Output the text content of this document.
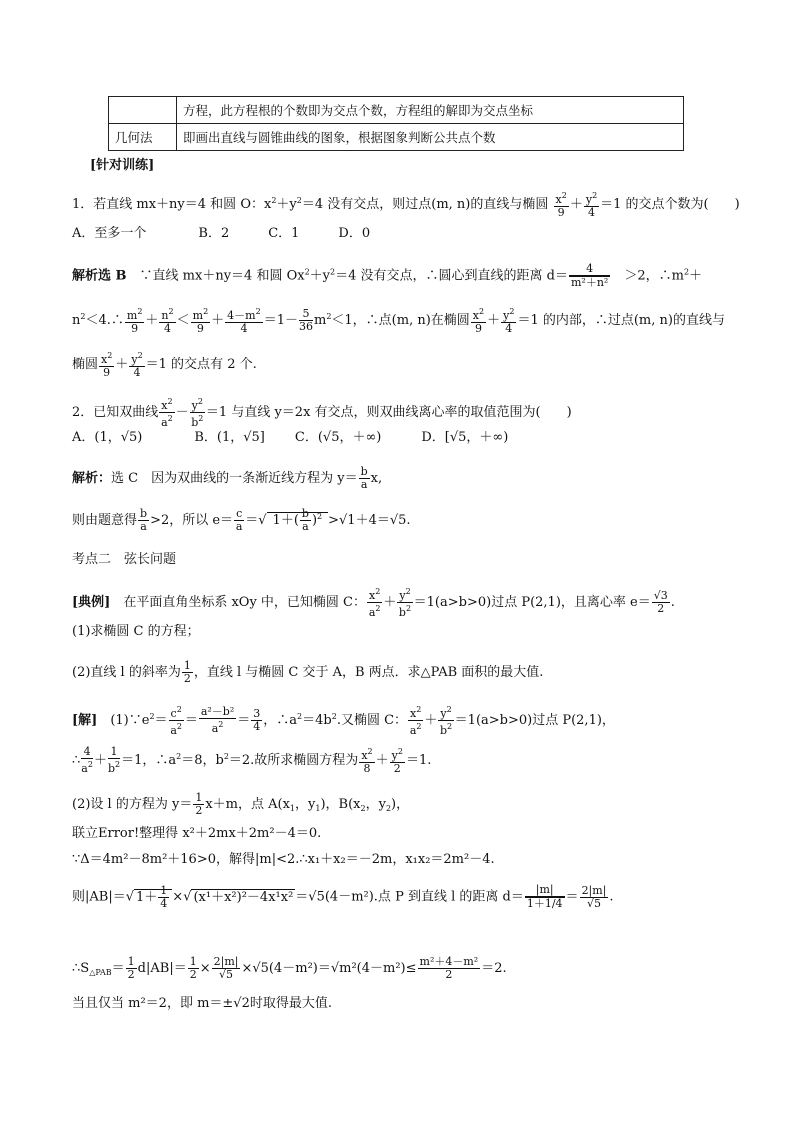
	方程，此方程根的个数即为交点个数，方程组的解即为交点坐标
几何法	即画出直线与圆锥曲线的图象，根据图象判断公共点个数
[针对训练]
1．若直线 mx＋ny＝4 和圆 O：$x^2+y^2=4$ 没有交点，则过点(m, n)的直线与椭圆 $\frac{x^2}{9} + \frac{y^2}{4} =1$ 的交点个数为(　　)
A．至多一个　　　　B．2　　　C．1　　　D．0
解析选 B　 ∵直线 mx＋ny＝4 和圆 $Ox^2+y^2=4$ 没有交点，∴圆心到直线的距离 $d= \frac{4}{\text{m²＋n²}}$
　 ＞2，$\therefore m^2+$
$n^2<4.\therefore \frac{m^2}{9} + \frac{n^2}{4} < \frac{m^2}{9} + \frac{4-m^2}{4} =1- \frac{5}{36} m^2<1$，∴点(m, n)在椭圆 $\frac{x^2}{9} + \frac{y^2}{4} =1$ 的内部，∴过点(m, n)的直线与
椭圆 $\frac{x^2}{9} + \frac{y^2}{4} =1$ 的交点有 2 个.
2．已知双曲线 $\frac{x^2}{a^2} - \frac{y^2}{b^2} =1$ 与直线 y＝2x 有交点，则双曲线离心率的取值范围为(　　)
A．(1，√5)	B．(1，√5] C．(√5，＋∞)	D．[√5，＋∞)
解析：选 C　因为双曲线的一条渐近线方程为 $y= \frac{b}{a} x$,
则由题意得 $\frac{b}{a} >2$，所以 $e= \frac{c}{a}$ ＝√ $1+( \frac{b}{a} )^2 >√1+4=√5$.
考点二　弦长问题
[典例]　 在平面直角坐标系 xOy 中，已知椭圆 C： $\frac{x^2}{a^2} + \frac{y^2}{b^2} =1(a>b>0)$过点 P(2,1)，且离心率 $e= \frac{√3}{2}$ .
(1)求椭圆 C 的方程；
(2)直线 l 的斜率为 $\frac{1}{2}$ ，直线 l 与椭圆 C 交于 A，B 两点．求△PAB 面积的最大值.
[解]　 $(1)\because e^2= \frac{c^2}{a^2} = \frac{\text{a²－b²}}{a^2} = \frac{3}{4}$ ，$\therefore a^2=4b^2$.又椭圆 C： $\frac{x^2}{a^2} + \frac{y^2}{b^2} =1(a>b>0)$过点 P(2,1)，
∴ $\frac{4}{a^2} + \frac{1}{b^2} =1$，$\therefore a^2=8$，$b^2=2$.故所求椭圆方程为 $\frac{x^2}{8} + \frac{y^2}{2} =1$.
(2)设 l 的方程为 $y= \frac{1}{2} x+m$，点 $A(x_1$，$y_1$)，$B(x_2$，$y_2$)，
联立Error!整理得 x²＋2mx＋2m²－4＝0.
∵Δ＝4m²－8m²＋16>0，解得|m|<2.∴x₁＋x₂＝－2m，x₁x₂＝2m²－4.
则|AB|＝√ $1+ \frac{1}{4}$ ×√ (x¹＋x²)²－4x¹x² ＝√5(4－m²).点 P 到直线 l 的距离 $d= \frac{|m|}{1+1/4} = \frac{2|m|}{√5}$ .
$\therefore S_{\triangle PAB}= \frac{1}{2} d|AB|= \frac{1}{2} \times \frac{2|m|}{√5} \times√5(4-m^2)=√m^2(4-m^2)\le \frac{\text{m²＋4－m²}}{2} =2$.
当且仅当 m²＝2，即 m＝±√2时取得最大值.
